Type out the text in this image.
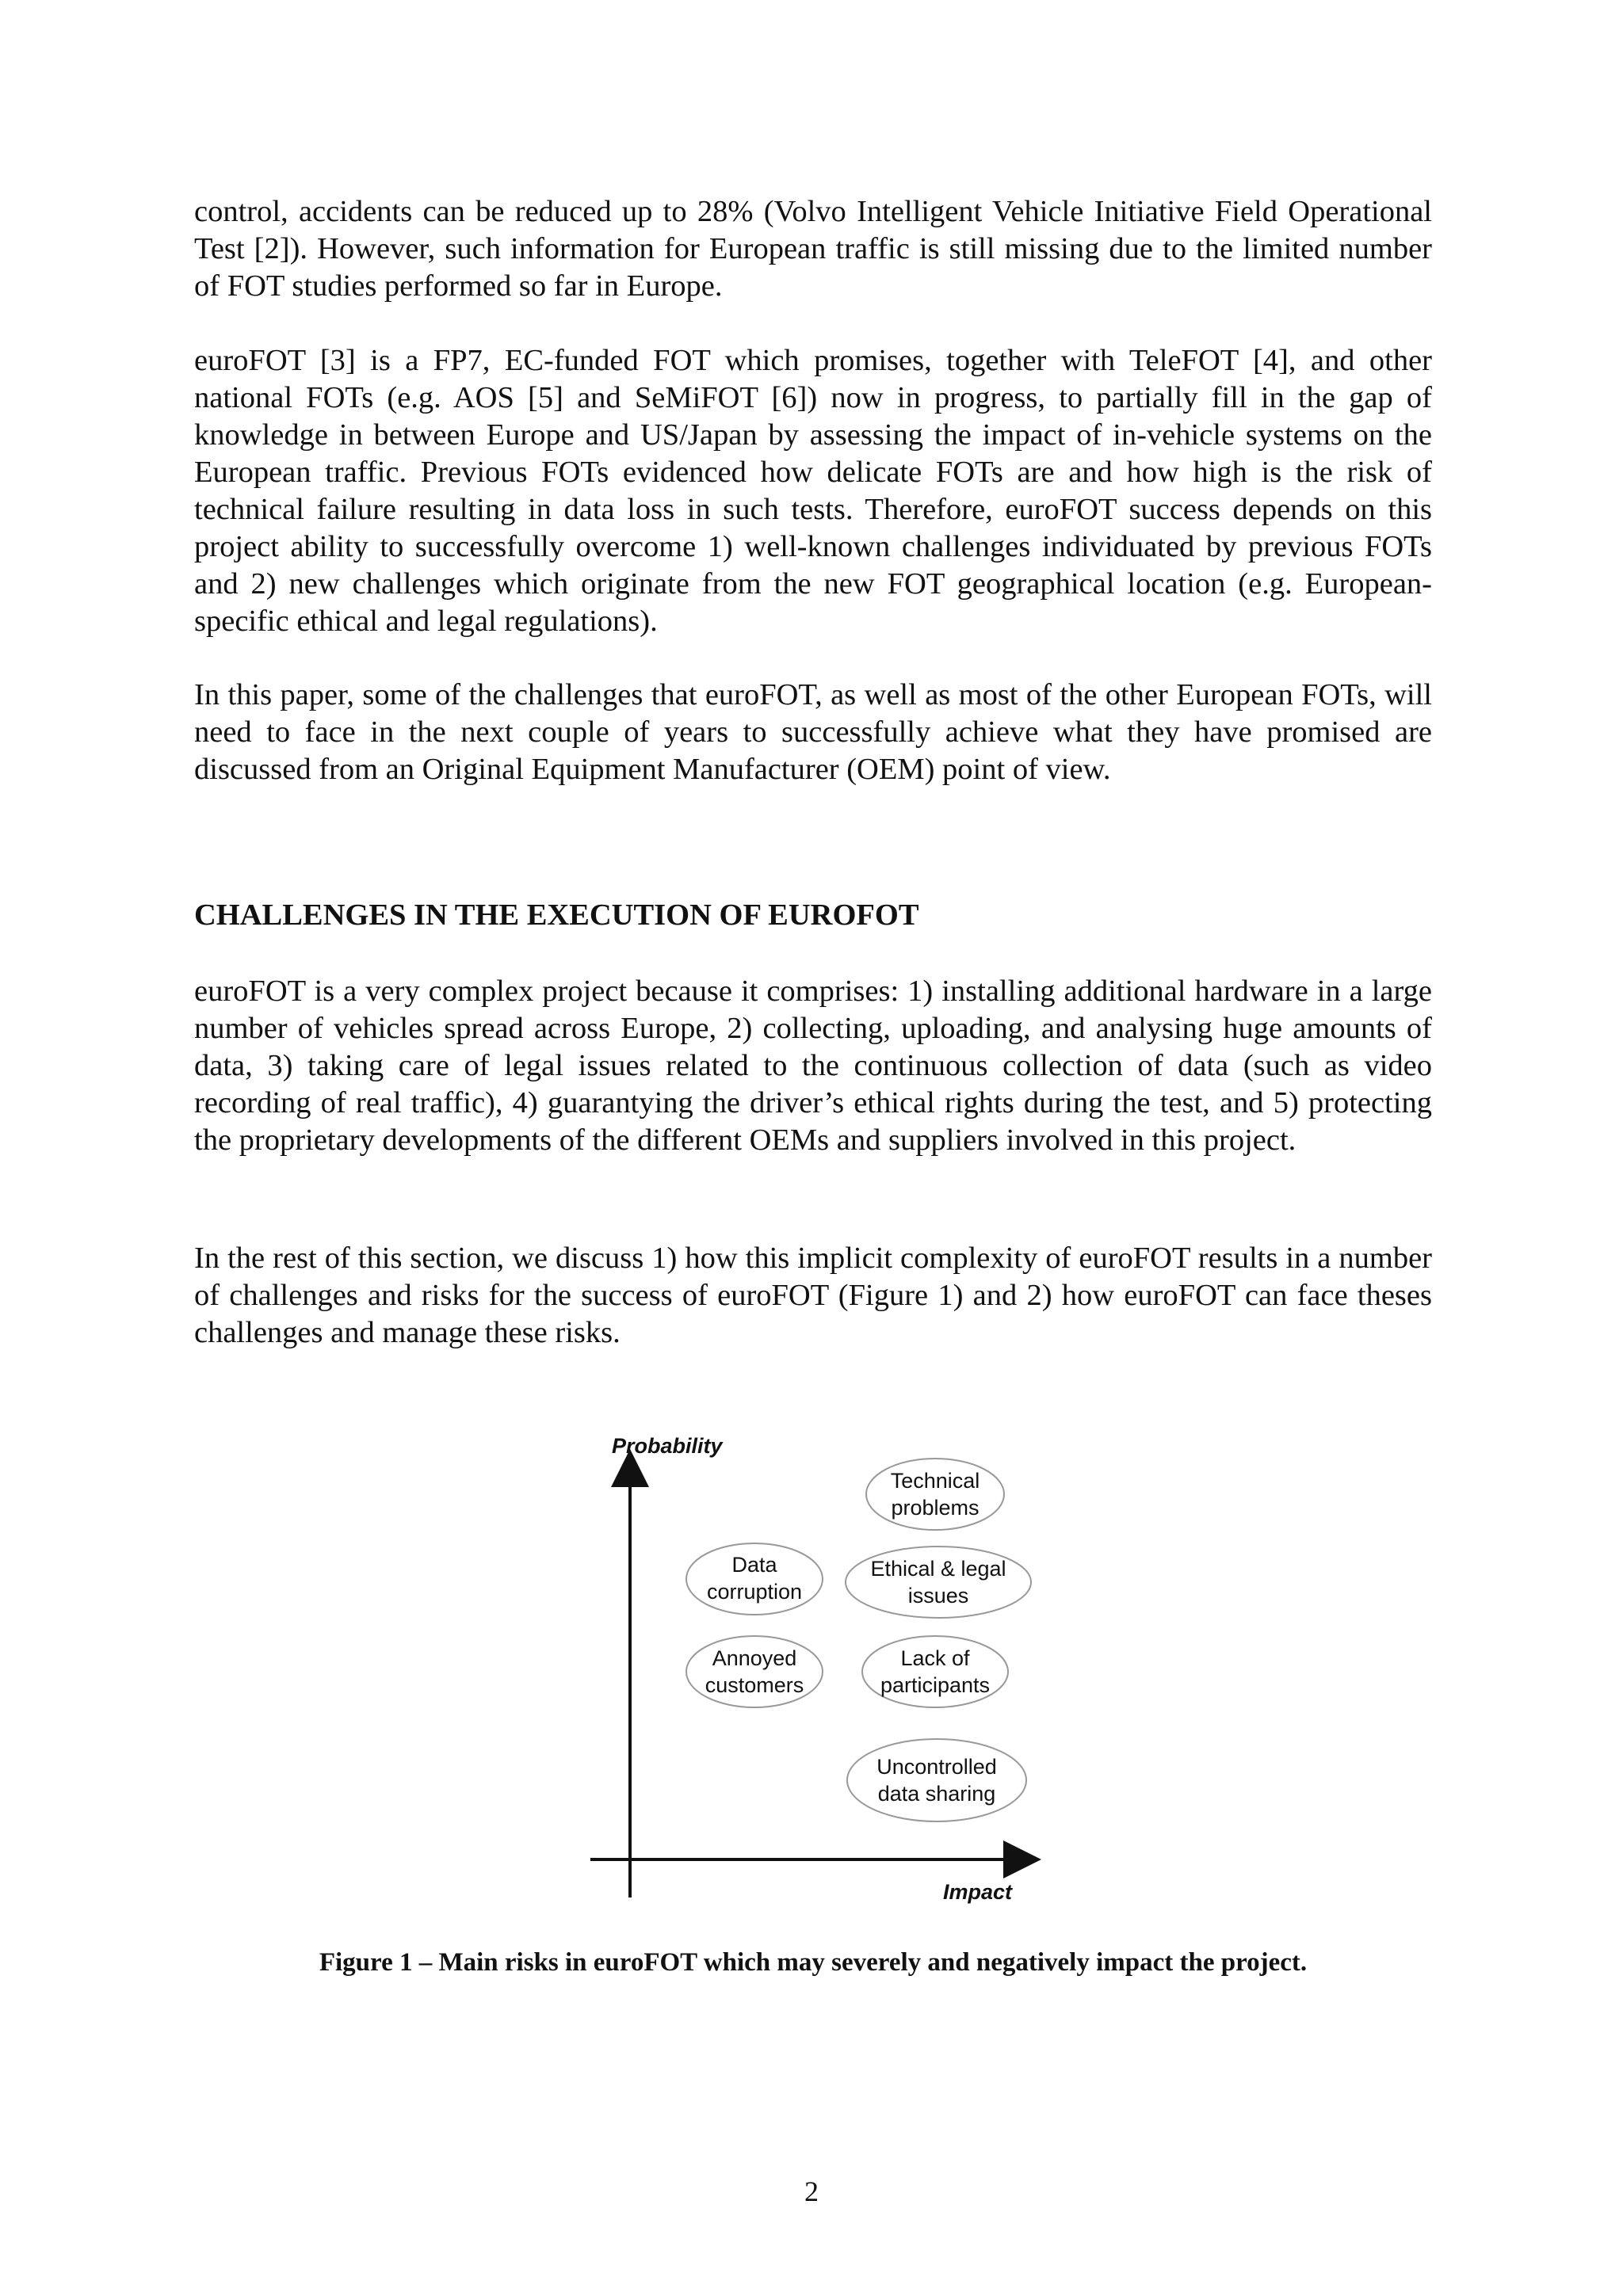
control, accidents can be reduced up to 28% (Volvo Intelligent Vehicle Initiative Field Operational Test [2]). However, such information for European traffic is still missing due to the limited number of FOT studies performed so far in Europe.

euroFOT [3] is a FP7, EC-funded FOT which promises, together with TeleFOT [4], and other national FOTs (e.g. AOS [5] and SeMiFOT [6]) now in progress, to partially fill in the gap of knowledge in between Europe and US/Japan by assessing the impact of in-vehicle systems on the European traffic. Previous FOTs evidenced how delicate FOTs are and how high is the risk of technical failure resulting in data loss in such tests. Therefore, euroFOT success depends on this project ability to successfully overcome 1) well-known challenges individuated by previous FOTs and 2) new challenges which originate from the new FOT geographical location (e.g. European-specific ethical and legal regulations).

In this paper, some of the challenges that euroFOT, as well as most of the other European FOTs, will need to face in the next couple of years to successfully achieve what they have promised are discussed from an Original Equipment Manufacturer (OEM) point of view.

CHALLENGES IN THE EXECUTION OF EUROFOT

euroFOT is a very complex project because it comprises: 1) installing additional hardware in a large number of vehicles spread across Europe, 2) collecting, uploading, and analysing huge amounts of data, 3) taking care of legal issues related to the continuous collection of data (such as video recording of real traffic), 4) guarantying the driver’s ethical rights during the test, and 5) protecting the proprietary developments of the different OEMs and suppliers involved in this project.

In the rest of this section, we discuss 1) how this implicit complexity of euroFOT results in a number of challenges and risks for the success of euroFOT (Figure 1) and 2) how euroFOT can face theses challenges and manage these risks.

Probability
Impact
Technical
problems
Data
corruption
Ethical & legal
issues
Annoyed
customers
Lack of
participants
Uncontrolled
data sharing
Figure 1 – Main risks in euroFOT which may severely and negatively impact the project.
2
